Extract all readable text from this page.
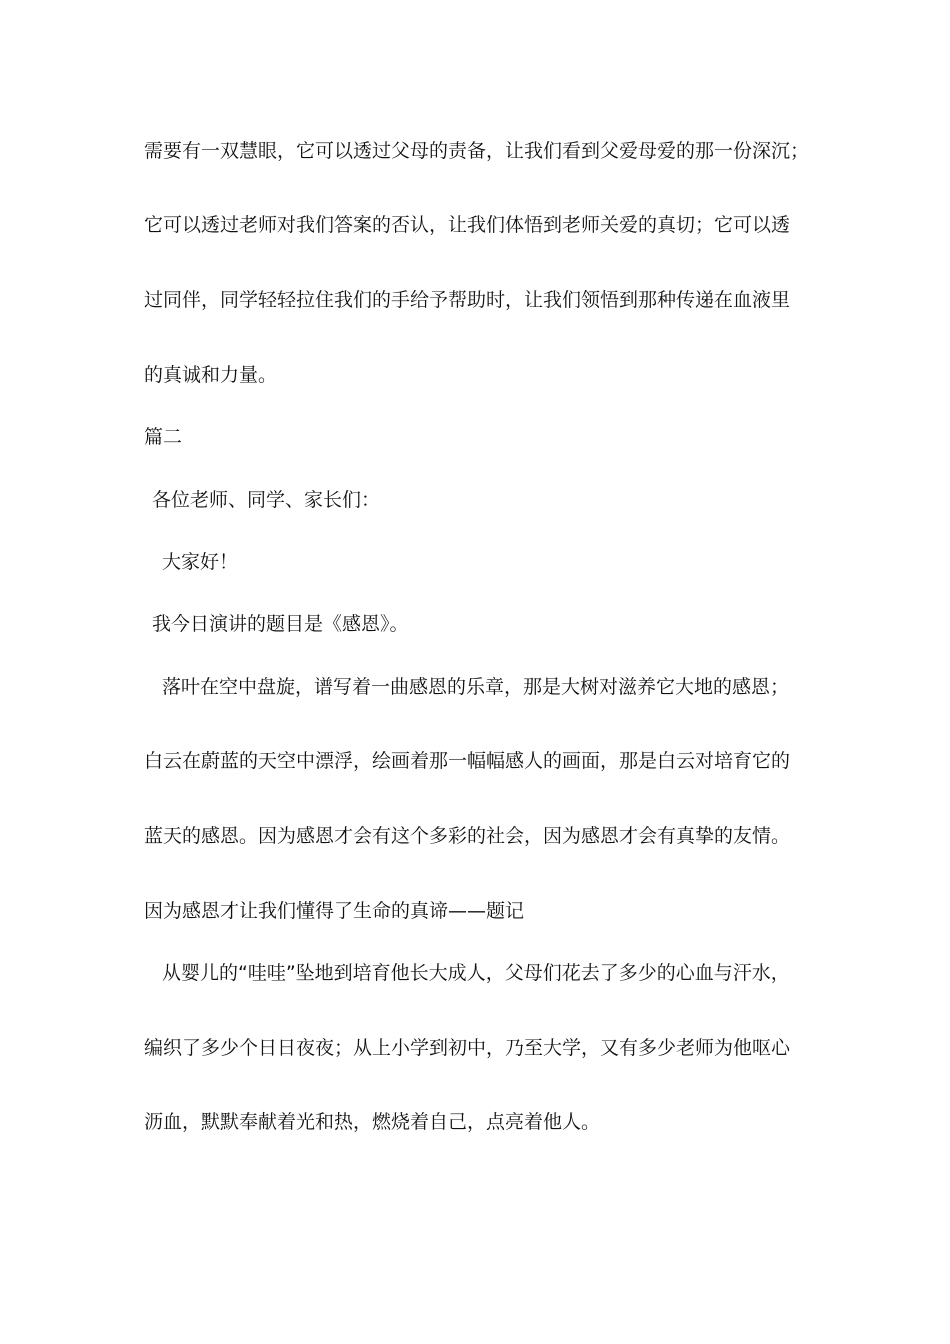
需要有一双慧眼，它可以透过父母的责备，让我们看到父爱母爱的那一份深沉；
它可以透过老师对我们答案的否认，让我们体悟到老师关爱的真切；它可以透
过同伴，同学轻轻拉住我们的手给予帮助时，让我们领悟到那种传递在血液里
的真诚和力量。
篇二
各位老师、同学、家长们：
大家好！
我今日演讲的题目是《感恩》。
落叶在空中盘旋，谱写着一曲感恩的乐章，那是大树对滋养它大地的感恩；
白云在蔚蓝的天空中漂浮，绘画着那一幅幅感人的画面，那是白云对培育它的
蓝天的感恩。因为感恩才会有这个多彩的社会，因为感恩才会有真挚的友情。
因为感恩才让我们懂得了生命的真谛——题记
从婴儿的“哇哇”坠地到培育他长大成人，父母们花去了多少的心血与汗水，
编织了多少个日日夜夜；从上小学到初中，乃至大学，又有多少老师为他呕心
沥血，默默奉献着光和热，燃烧着自己，点亮着他人。
